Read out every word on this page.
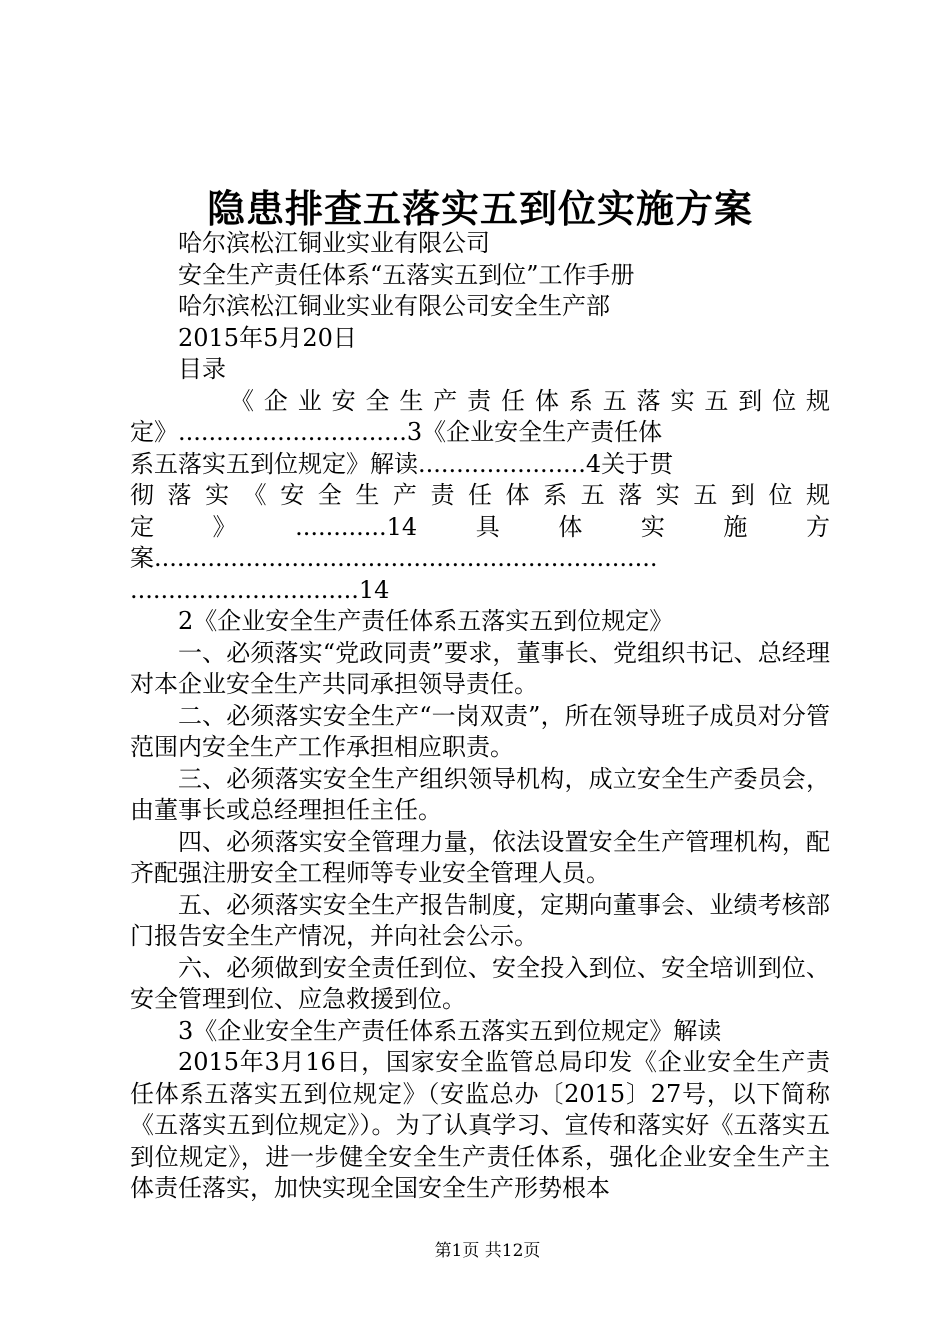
隐患排查五落实五到位实施方案

哈尔滨松江铜业实业有限公司

安全生产责任体系“五落实五到位”工作手册

哈尔滨松江铜业实业有限公司安全生产部

2015年5月20日

目录

《企业安全生产责任体系五落实五到位规

定》..............................3《企业安全生产责任体

系五落实五到位规定》解读......................4关于贯

彻落实《安全生产责任体系五落实五到位规

定》............14具体实施方

案..................................................................

..............................14

2《企业安全生产责任体系五落实五到位规定》

一、必须落实“党政同责”要求，董事长、党组织书记、总经理对本企业安全生产共同承担领导责任。

二、必须落实安全生产“一岗双责”，所在领导班子成员对分管范围内安全生产工作承担相应职责。

三、必须落实安全生产组织领导机构，成立安全生产委员会，由董事长或总经理担任主任。

四、必须落实安全管理力量，依法设置安全生产管理机构，配齐配强注册安全工程师等专业安全管理人员。

五、必须落实安全生产报告制度，定期向董事会、业绩考核部门报告安全生产情况，并向社会公示。

六、必须做到安全责任到位、安全投入到位、安全培训到位、安全管理到位、应急救援到位。

3《企业安全生产责任体系五落实五到位规定》解读

2015年3月16日，国家安全监管总局印发《企业安全生产责任体系五落实五到位规定》（安监总办〔2015〕27号，以下简称《五落实五到位规定》）。为了认真学习、宣传和落实好《五落实五到位规定》，进一步健全安全生产责任体系，强化企业安全生产主体责任落实，加快实现全国安全生产形势根本

第1页 共12页
